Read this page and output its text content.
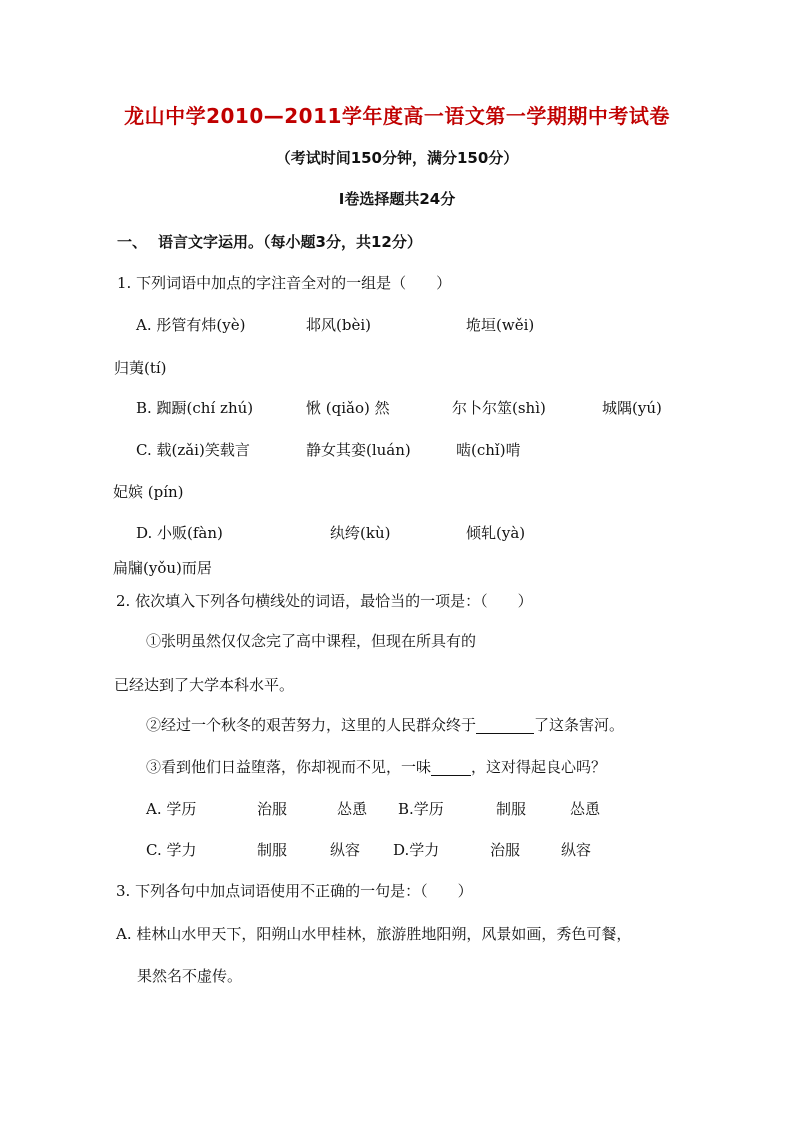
龙山中学2010—2011学年度高一语文第一学期期中考试卷
（考试时间150分钟，满分150分）
I卷选择题共24分
一、 语言文字运用。（每小题3分，共12分）
1. 下列词语中加点的字注音全对的一组是（　　）
A. 彤管有炜(yè)	邶风(bèi)	垝垣(wěi)
归荑(tí)
B. 踟蹰(chí zhú)	愀 (qiǎo) 然	尔卜尔筮(shì)	城隅(yú)
C. 载(zǎi)笑载言	静女其娈(luán)	啮(chǐ)啃
妃嫔 (pín)
D. 小贩(fàn)	纨绔(kù)	倾轧(yà)
扁牖(yǒu)而居
2. 依次填入下列各句横线处的词语，最恰当的一项是：（　　）
①张明虽然仅仅念完了高中课程，但现在所具有的
已经达到了大学本科水平。
②经过一个秋冬的艰苦努力，这里的人民群众终于	了这条害河。
③看到他们日益堕落，你却视而不见，一味	，这对得起良心吗？
A. 学历	治服	怂恿 B.学历	制服	怂恿
C. 学力	制服	纵容 D.学力	治服	纵容
3. 下列各句中加点词语使用不正确的一句是：（　　）
A. 桂林山水甲天下，阳朔山水甲桂林，旅游胜地阳朔，风景如画，秀色可餐，
果然名不虚传。
